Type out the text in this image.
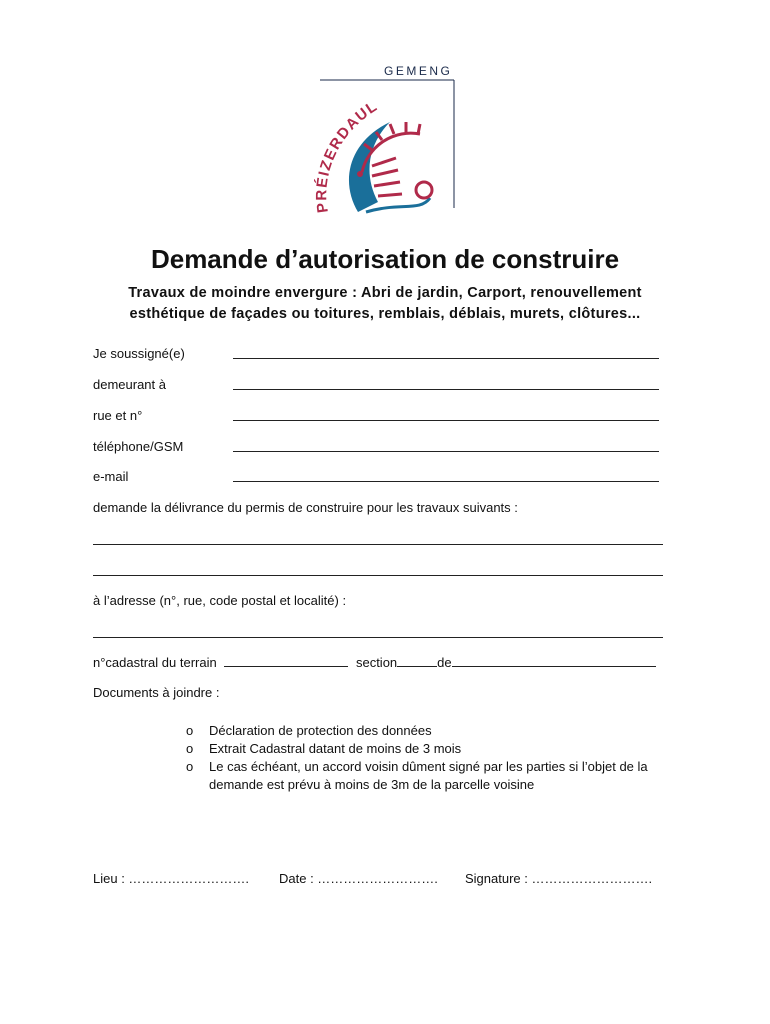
GEMENG
PRÉIZERDAUL
Demande d’autorisation de construire
Travaux de moindre envergure : Abri de jardin, Carport, renouvellement
esthétique de façades ou toitures, remblais, déblais, murets, clôtures...
Je soussigné(e)
demeurant à
rue et n°
téléphone/GSM
e-mail
demande la délivrance du permis de construire pour les travaux suivants :
à l’adresse (n°, rue, code postal et localité) :
n°cadastral du terrain	section	de
Documents à joindre :
o Déclaration de protection des données
o Extrait Cadastral datant de moins de 3 mois
o Le cas échéant, un accord voisin dûment signé par les parties si l’objet de la demande est prévu à moins de 3m de la parcelle voisine
Lieu : ………………………. Date : ………………………. Signature : ……………………….
